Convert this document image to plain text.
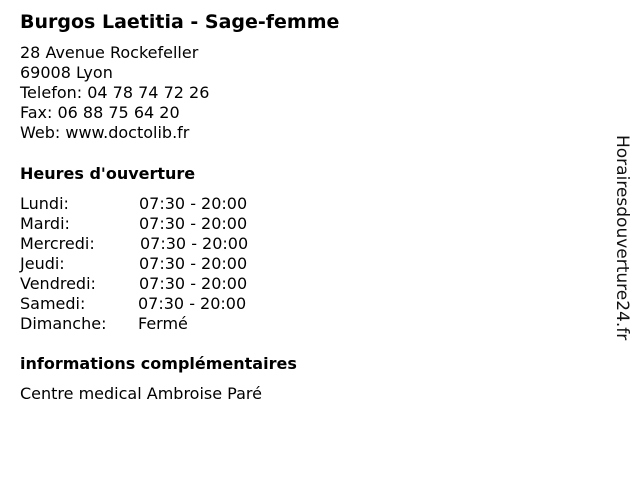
Burgos Laetitia - Sage-femme
28 Avenue Rockefeller
69008 Lyon
Telefon: 04 78 74 72 26
Fax: 06 88 75 64 20
Web: www.doctolib.fr
Heures d'ouverture
Lundi:	07:30 - 20:00
Mardi:	07:30 - 20:00
Mercredi:	07:30 - 20:00
Jeudi:	07:30 - 20:00
Vendredi:	07:30 - 20:00
Samedi:	07:30 - 20:00
Dimanche: Fermé
informations complémentaires
Centre medical Ambroise Paré
Horairesdouverture24.fr
